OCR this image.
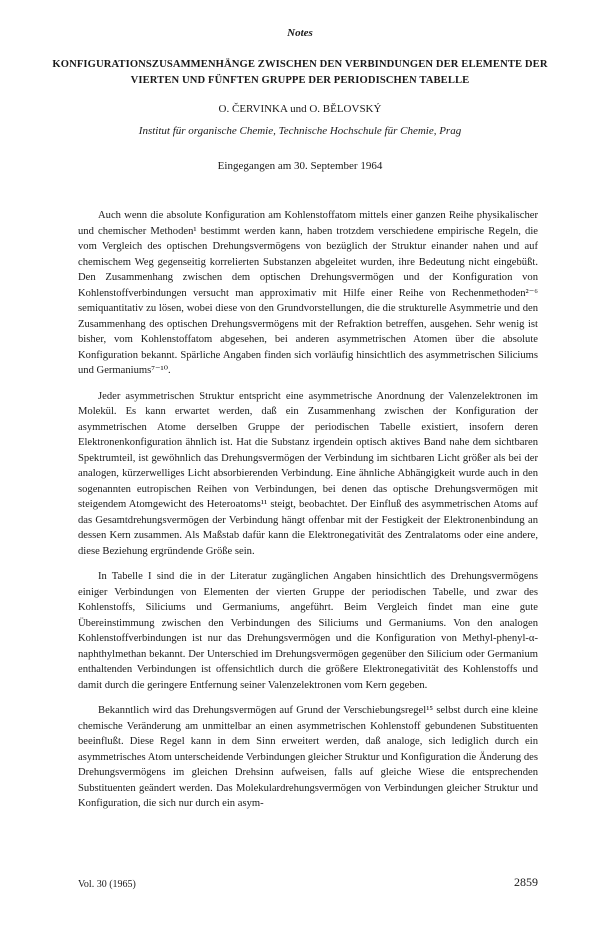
Notes
KONFIGURATIONSZUSAMMENHÄNGE ZWISCHEN DEN VERBINDUNGEN DER ELEMENTE DER VIERTEN UND FÜNFTEN GRUPPE DER PERIODISCHEN TABELLE
O. ČERVINKA und O. BĚLOVSKÝ
Institut für organische Chemie, Technische Hochschule für Chemie, Prag
Eingegangen am 30. September 1964

Auch wenn die absolute Konfiguration am Kohlenstoffatom mittels einer ganzen Reihe physikalischer und chemischer Methoden¹ bestimmt werden kann, haben trotzdem verschiedene empirische Regeln, die vom Vergleich des optischen Drehungsvermögens von bezüglich der Struktur einander nahen und auf chemischem Weg gegenseitig korrelierten Substanzen abgeleitet wurden, ihre Bedeutung nicht eingebüßt. Den Zusammenhang zwischen dem optischen Drehungsvermögen und der Konfiguration von Kohlenstoffverbindungen versucht man approximativ mit Hilfe einer Reihe von Rechenmethoden²⁻⁶ semiquantitativ zu lösen, wobei diese von den Grundvorstellungen, die die strukturelle Asymmetrie und den Zusammenhang des optischen Drehungsvermögens mit der Refraktion betreffen, ausgehen. Sehr wenig ist bisher, vom Kohlenstoffatom abgesehen, bei anderen asymmetrischen Atomen über die absolute Konfiguration bekannt. Spärliche Angaben finden sich vorläufig hinsichtlich des asymmetrischen Siliciums und Germaniums⁷⁻¹⁰.

Jeder asymmetrischen Struktur entspricht eine asymmetrische Anordnung der Valenzelektronen im Molekül. Es kann erwartet werden, daß ein Zusammenhang zwischen der Konfiguration der asymmetrischen Atome derselben Gruppe der periodischen Tabelle existiert, insofern deren Elektronenkonfiguration ähnlich ist. Hat die Substanz irgendein optisch aktives Band nahe dem sichtbaren Spektrumteil, ist gewöhnlich das Drehungsvermögen der Verbindung im sichtbaren Licht größer als bei der analogen, kürzerwelliges Licht absorbierenden Verbindung. Eine ähnliche Abhängigkeit wurde auch in den sogenannten eutropischen Reihen von Verbindungen, bei denen das optische Drehungsvermögen mit steigendem Atomgewicht des Heteroatoms¹¹ steigt, beobachtet. Der Einfluß des asymmetrischen Atoms auf das Gesamtdrehungsvermögen der Verbindung hängt offenbar mit der Festigkeit der Elektronenbindung an dessen Kern zusammen. Als Maßstab dafür kann die Elektronegativität des Zentralatoms oder eine andere, diese Beziehung ergründende Größe sein.

In Tabelle I sind die in der Literatur zugänglichen Angaben hinsichtlich des Drehungsvermögens einiger Verbindungen von Elementen der vierten Gruppe der periodischen Tabelle, und zwar des Kohlenstoffs, Siliciums und Germaniums, angeführt. Beim Vergleich findet man eine gute Übereinstimmung zwischen den Verbindungen des Siliciums und Germaniums. Von den analogen Kohlenstoffverbindungen ist nur das Drehungsvermögen und die Konfiguration von Methyl-phenyl-α-naphthylmethan bekannt. Der Unterschied im Drehungsvermögen gegenüber den Silicium oder Germanium enthaltenden Verbindungen ist offensichtlich durch die größere Elektronegativität des Kohlenstoffs und damit durch die geringere Entfernung seiner Valenzelektronen vom Kern gegeben.

Bekanntlich wird das Drehungsvermögen auf Grund der Verschiebungsregel¹⁵ selbst durch eine kleine chemische Veränderung am unmittelbar an einen asymmetrischen Kohlenstoff gebundenen Substituenten beeinflußt. Diese Regel kann in dem Sinn erweitert werden, daß analoge, sich lediglich durch ein asymmetrisches Atom unterscheidende Verbindungen gleicher Struktur und Konfiguration die Änderung des Drehungsvermögens im gleichen Drehsinn aufweisen, falls auf gleiche Wiese die entsprechenden Substituenten geändert werden. Das Molekulardrehungsvermögen von Verbindungen gleicher Struktur und Konfiguration, die sich nur durch ein asym-

Vol. 30 (1965)	2859
